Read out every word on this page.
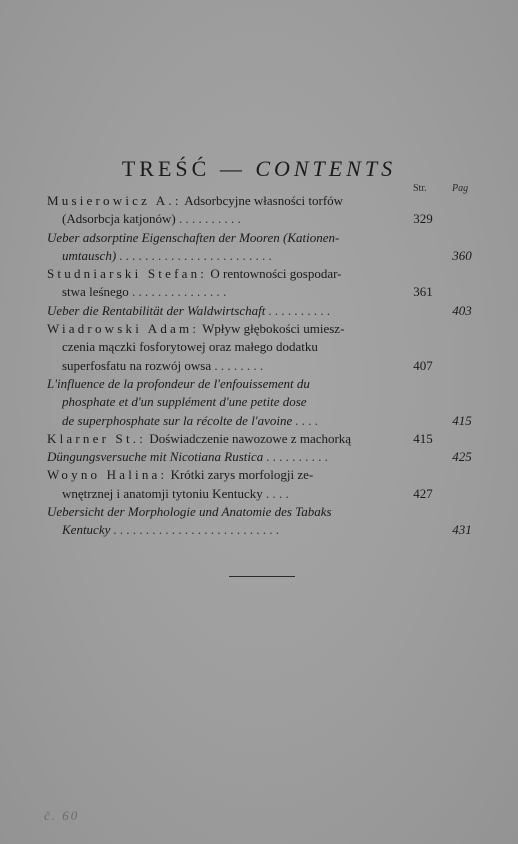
TREŚĆ — CONTENTS
Str.	Pag
Musierowicz A.: Adsorbcyjne własności torfów
(Adsorbcja katjonów) . . . . . . . . . .	329
Ueber adsorptine Eigenschaften der Mooren (Kationen-
umtausch) . . . . . . . . . . . . . . . . . . . . . . . .	360
Studniarski Stefan: O rentowności gospodar-
stwa leśnego . . . . . . . . . . . . . . .	361
Ueber die Rentabilität der Waldwirtschaft . . . . . . . . . .	403
Wiadrowski Adam: Wpływ głębokości umiesz-
czenia mączki fosforytowej oraz małego dodatku
superfosfatu na rozwój owsa . . . . . . . .	407
L'influence de la profondeur de l'enfouissement du
phosphate et d'un supplément d'une petite dose
de superphosphate sur la récolte de l'avoine . . . .	415
Klarner St.: Doświadczenie nawozowe z machorką	415
Düngungsversuche mit Nicotiana Rustica . . . . . . . . . .	425
Woyno Halina: Krótki zarys morfologji ze-
wnętrznej i anatomji tytoniu Kentucky . . . .	427
Uebersicht der Morphologie und Anatomie des Tabaks
Kentucky . . . . . . . . . . . . . . . . . . . . . . . . . .	431
č. 60
